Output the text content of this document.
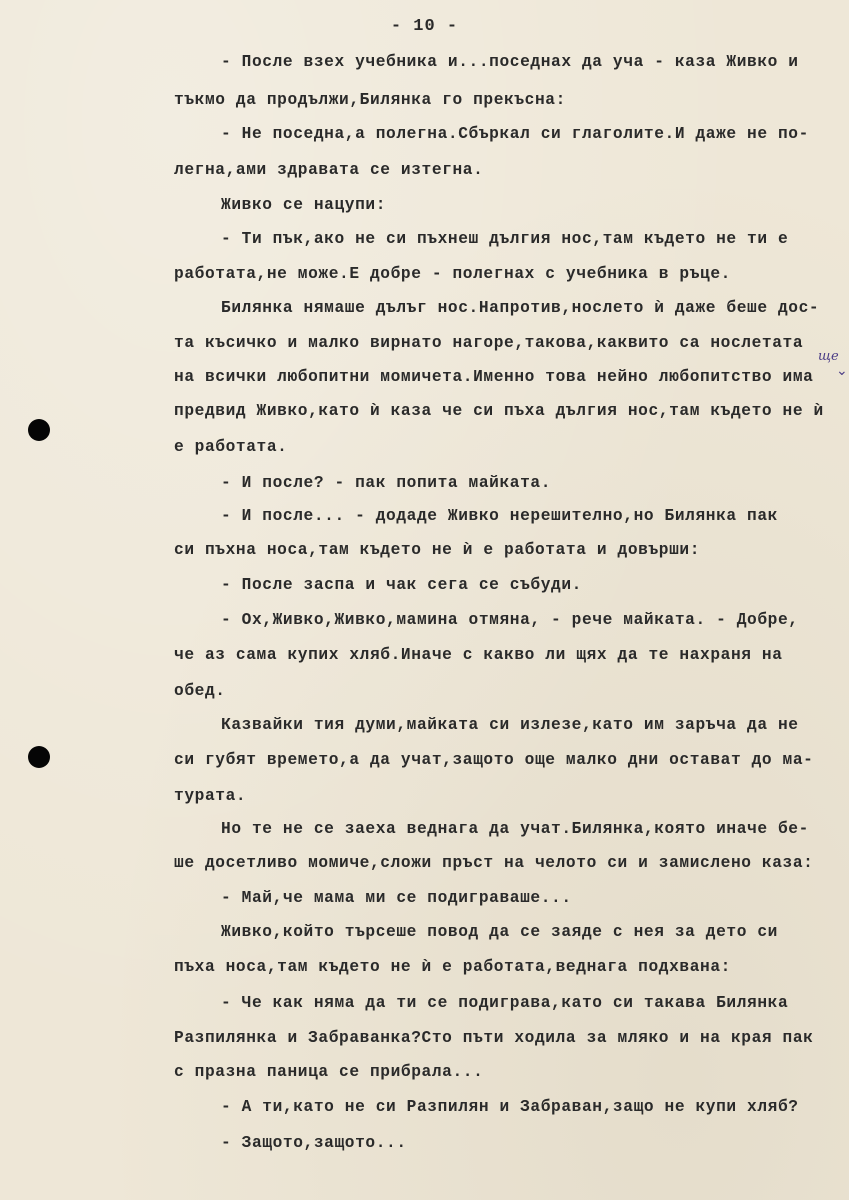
- 10 -
- После взех учебника и...поседнах да уча - каза Живко и
тъкмо да продължи,Билянка го прекъсна:
- Не поседна,а полегна.Сбъркал си глаголите.И даже не по-
легна,ами здравата се изтегна.
Живко се нацупи:
- Ти пък,ако не си пъхнеш дългия нос,там където не ти е
работата,не може.Е добре - полегнах с учебника в ръце.
Билянка нямаше дълъг нос.Напротив,нослето ѝ даже беше дос-
та късичко и малко вирнато нагоре,такова,каквито са нослетата
на всички любопитни момичета.Именно това нейно любопитство има
предвид Живко,като ѝ каза че си пъха дългия нос,там където не ѝ
е работата.
- И после? - пак попита майката.
- И после... - додаде Живко нерешително,но Билянка пак
си пъхна носа,там където не ѝ е работата и довърши:
- После заспа и чак сега се събуди.
- Ох,Живко,Живко,мамина отмяна, - рече майката. - Добре,
че аз сама купих хляб.Иначе с какво ли щях да те нахраня на
обед.
Казвайки тия думи,майката си излезе,като им заръча да не
си губят времето,а да учат,защото още малко дни остават до ма-
турата.
Но те не се заеха веднага да учат.Билянка,която иначе бе-
ше досетливо момиче,сложи пръст на челото си и замислено каза:
- Май,че мама ми се подиграваше...
Живко,който търсеше повод да се заяде с нея за дето си
пъха носа,там където не ѝ е работата,веднага подхвана:
- Че как няма да ти се подиграва,като си такава Билянка
Разпилянка и Забраванка?Сто пъти ходила за мляко и на края пак
с празна паница се прибрала...
- А ти,като не си Разпилян и Забраван,защо не купи хляб?
- Защото,защото...
ще
⌄
